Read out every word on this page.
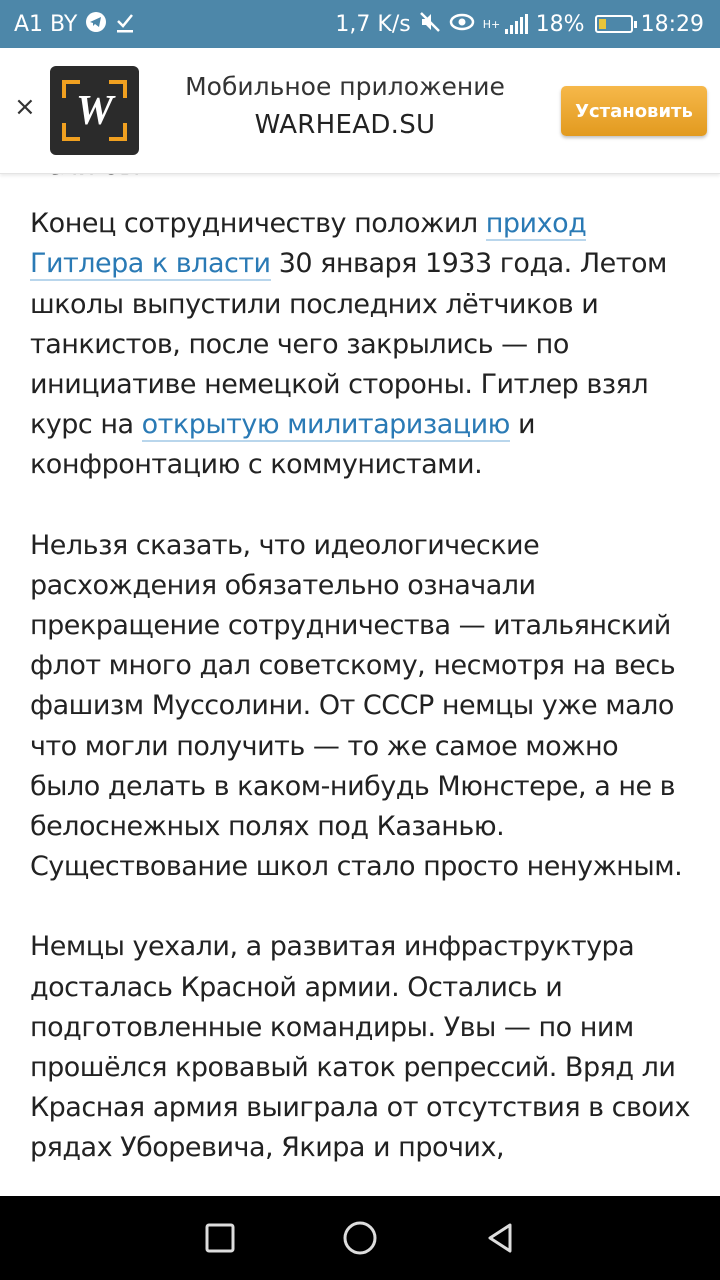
A1 BY	1,7 K/s	H+ 18%	18:29
× W
Мобильное приложение
WARHEAD.SU	Установить

Конец сотрудничеству положил приход Гитлера к власти 30 января 1933 года. Летом школы выпустили последних лётчиков и танкистов, после чего закрылись — по инициативе немецкой стороны. Гитлер взял курс на открытую милитаризацию и конфронтацию с коммунистами.

Нельзя сказать, что идеологические расхождения обязательно означали прекращение сотрудничества — итальянский флот много дал советскому, несмотря на весь фашизм Муссолини. От СССР немцы уже мало что могли получить — то же самое можно было делать в каком-нибудь Мюнстере, а не в белоснежных полях под Казанью. Существование школ стало просто ненужным.

Немцы уехали, а развитая инфраструктура досталась Красной армии. Остались и подготовленные командиры. Увы — по ним прошёлся кровавый каток репрессий. Вряд ли Красная армия выиграла от отсутствия в своих рядах Уборевича, Якира и прочих,
